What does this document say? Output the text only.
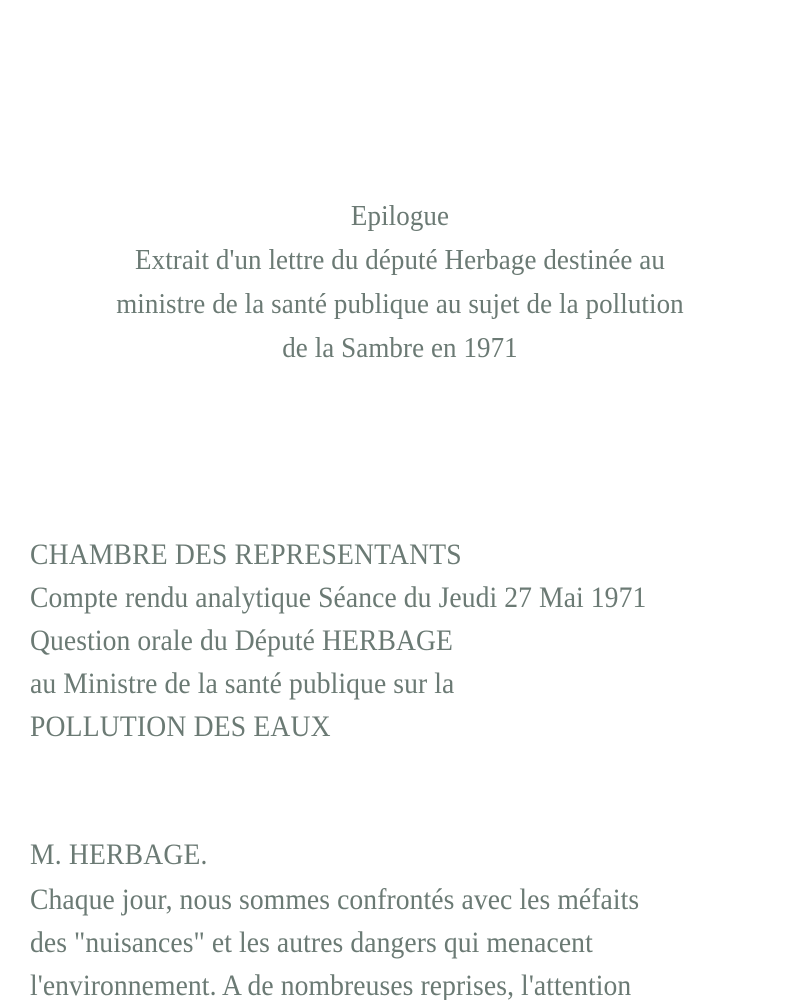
Epilogue
Extrait d'un lettre du député Herbage destinée au
ministre de la santé publique au sujet de la pollution
de la Sambre en 1971
CHAMBRE DES REPRESENTANTS
Compte rendu analytique Séance du Jeudi 27 Mai 1971
Question orale du Député HERBAGE
au Ministre de la santé publique sur la
POLLUTION DES EAUX
M. HERBAGE.
Chaque jour, nous sommes confrontés avec les méfaits
des "nuisances" et les autres dangers qui menacent
l'environnement. A de nombreuses reprises, l'attention
